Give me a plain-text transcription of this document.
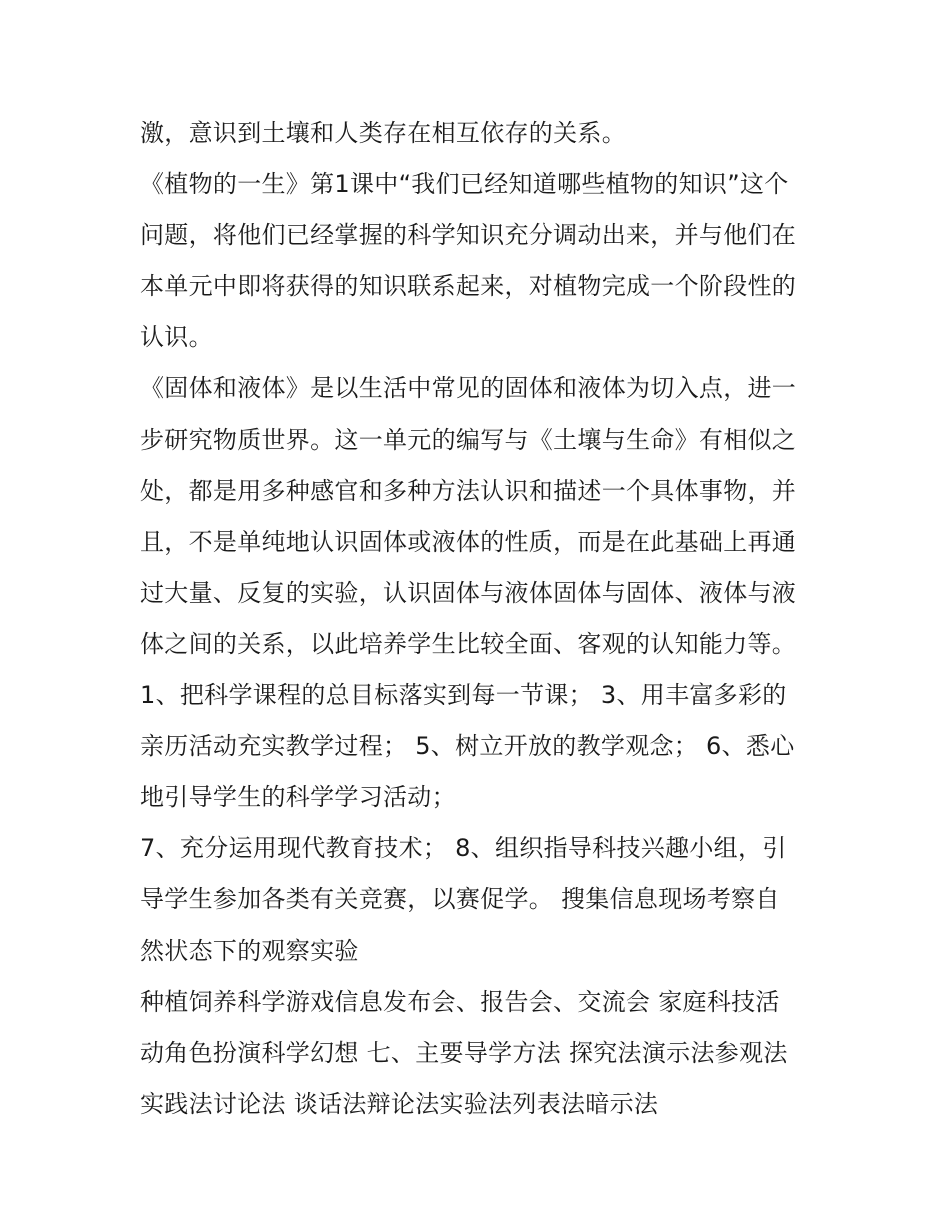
激，意识到土壤和人类存在相互依存的关系。
《植物的一生》第1课中“我们已经知道哪些植物的知识”这个
问题，将他们已经掌握的科学知识充分调动出来，并与他们在
本单元中即将获得的知识联系起来，对植物完成一个阶段性的
认识。
《固体和液体》是以生活中常见的固体和液体为切入点，进一
步研究物质世界。这一单元的编写与《土壤与生命》有相似之
处，都是用多种感官和多种方法认识和描述一个具体事物，并
且，不是单纯地认识固体或液体的性质，而是在此基础上再通
过大量、反复的实验，认识固体与液体固体与固体、液体与液
体之间的关系，以此培养学生比较全面、客观的认知能力等。
1、把科学课程的总目标落实到每一节课； 3、用丰富多彩的
亲历活动充实教学过程； 5、树立开放的教学观念； 6、悉心
地引导学生的科学学习活动；
7、充分运用现代教育技术； 8、组织指导科技兴趣小组，引
导学生参加各类有关竞赛，以赛促学。 搜集信息现场考察自
然状态下的观察实验
种植饲养科学游戏信息发布会、报告会、交流会 家庭科技活
动角色扮演科学幻想 七、主要导学方法 探究法演示法参观法
实践法讨论法 谈话法辩论法实验法列表法暗示法
